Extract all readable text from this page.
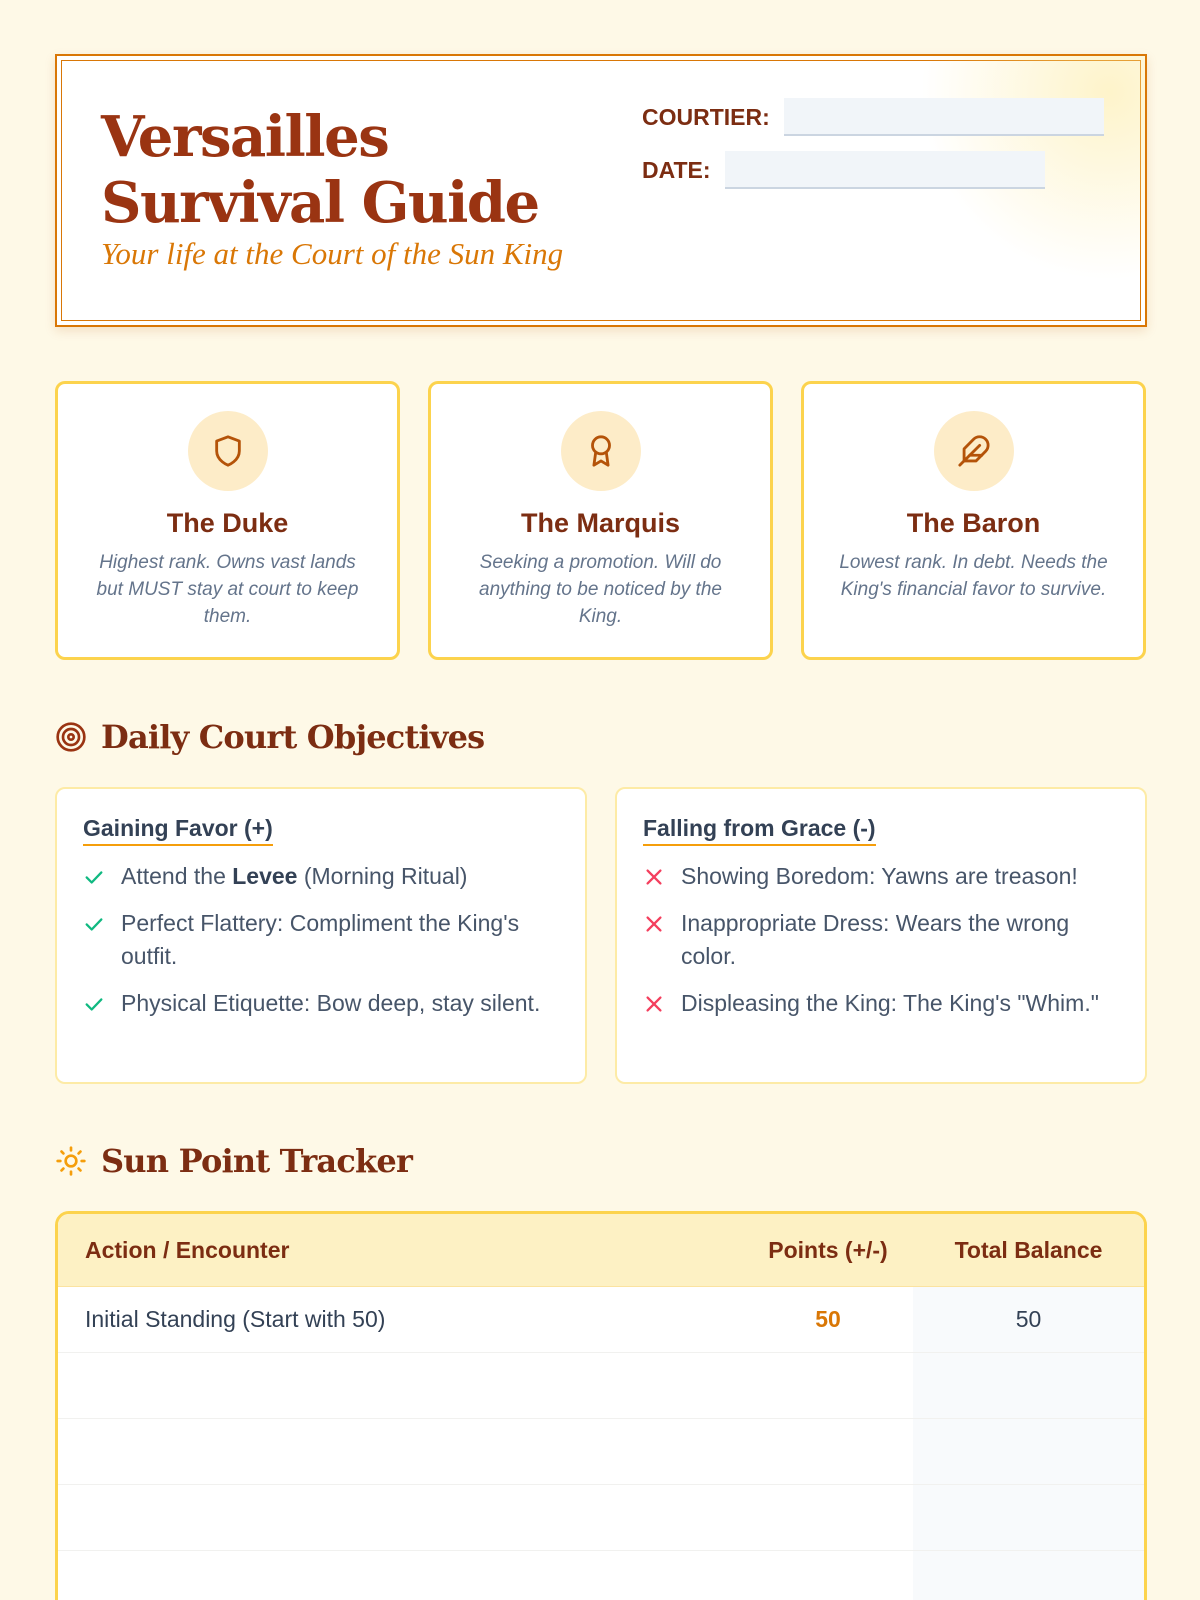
Versailles Survival Guide
Your life at the Court of the Sun King
COURTIER:
DATE:
The Duke
Highest rank. Owns vast lands but MUST stay at court to keep them.
The Marquis
Seeking a promotion. Will do anything to be noticed by the King.
The Baron
Lowest rank. In debt. Needs the King's financial favor to survive.
Daily Court Objectives
Gaining Favor (+)
Attend the Levee (Morning Ritual)
Perfect Flattery: Compliment the King's outfit.
Physical Etiquette: Bow deep, stay silent.
Falling from Grace (-)
Showing Boredom: Yawns are treason!
Inappropriate Dress: Wears the wrong color.
Displeasing the King: The King's "Whim."
Sun Point Tracker
Action / Encounter	Points (+/-)	Total Balance
Initial Standing (Start with 50)	50	50
